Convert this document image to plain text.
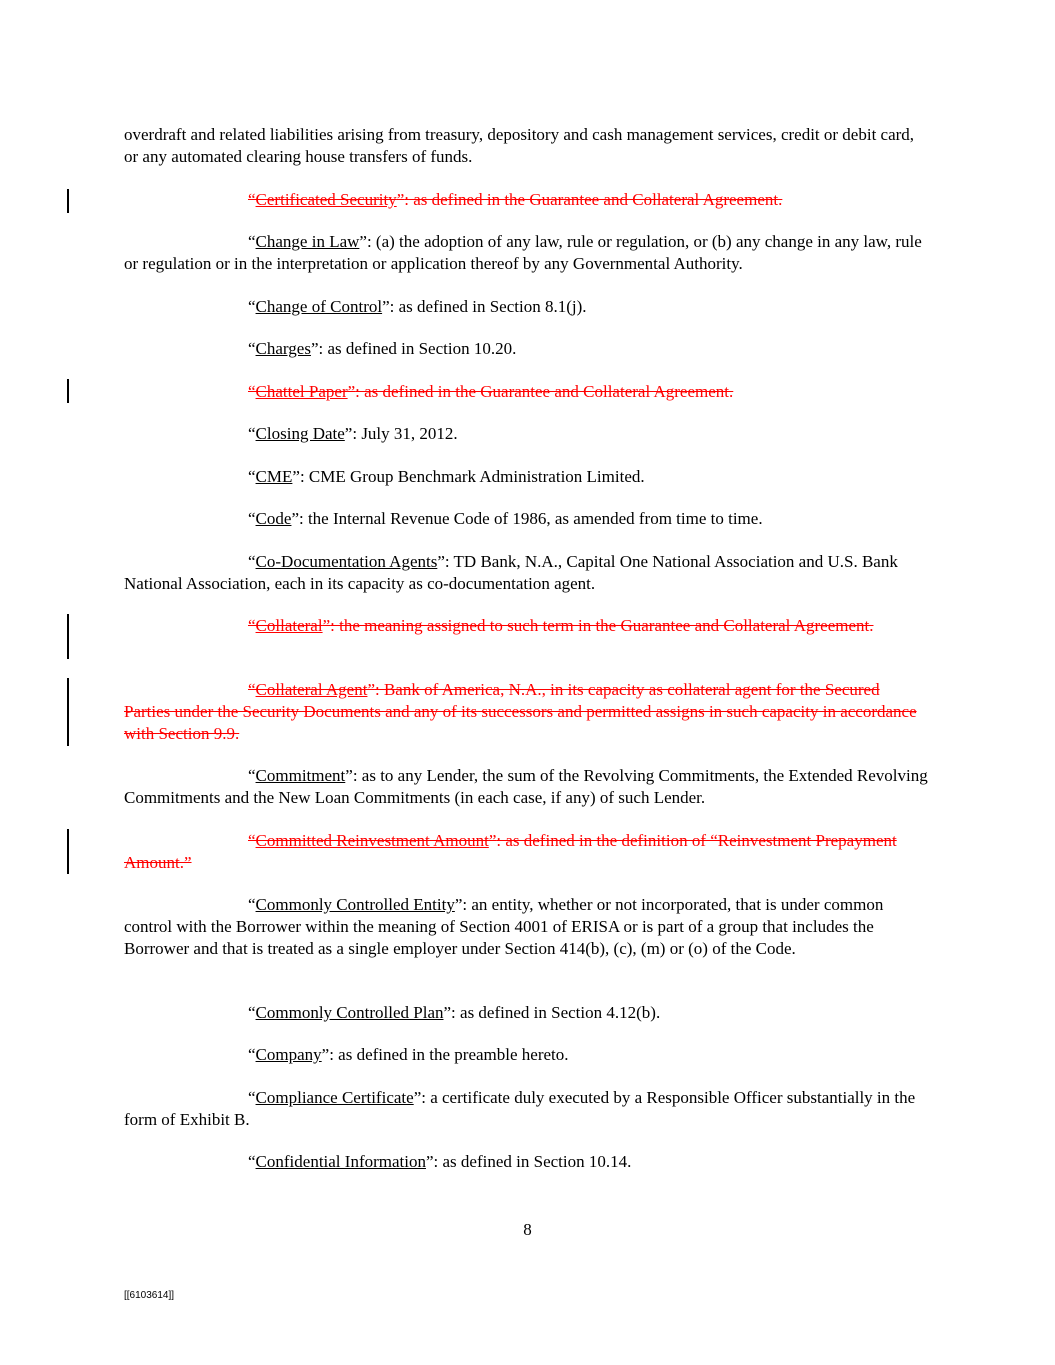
overdraft and related liabilities arising from treasury, depository and cash management services, credit or debit card, or any automated clearing house transfers of funds.

“Certificated Security”: as defined in the Guarantee and Collateral Agreement.

“Change in Law”: (a) the adoption of any law, rule or regulation, or (b) any change in any law, rule or regulation or in the interpretation or application thereof by any Governmental Authority.

“Change of Control”: as defined in Section 8.1(j).

“Charges”: as defined in Section 10.20.

“Chattel Paper”: as defined in the Guarantee and Collateral Agreement.

“Closing Date”: July 31, 2012.

“CME”: CME Group Benchmark Administration Limited.

“Code”: the Internal Revenue Code of 1986, as amended from time to time.

“Co-Documentation Agents”: TD Bank, N.A., Capital One National Association and U.S. Bank National Association, each in its capacity as co-documentation agent.

“Collateral”: the meaning assigned to such term in the Guarantee and Collateral Agreement.

“Collateral Agent”: Bank of America, N.A., in its capacity as collateral agent for the Secured Parties under the Security Documents and any of its successors and permitted assigns in such capacity in accordance with Section 9.9.

“Commitment”: as to any Lender, the sum of the Revolving Commitments, the Extended Revolving Commitments and the New Loan Commitments (in each case, if any) of such Lender.

“Committed Reinvestment Amount”: as defined in the definition of “Reinvestment Prepayment Amount.”

“Commonly Controlled Entity”: an entity, whether or not incorporated, that is under common control with the Borrower within the meaning of Section 4001 of ERISA or is part of a group that includes the Borrower and that is treated as a single employer under Section 414(b), (c), (m) or (o) of the Code.

“Commonly Controlled Plan”: as defined in Section 4.12(b).

“Company”: as defined in the preamble hereto.

“Compliance Certificate”: a certificate duly executed by a Responsible Officer substantially in the form of Exhibit B.

“Confidential Information”: as defined in Section 10.14.

8
[[6103614]]
